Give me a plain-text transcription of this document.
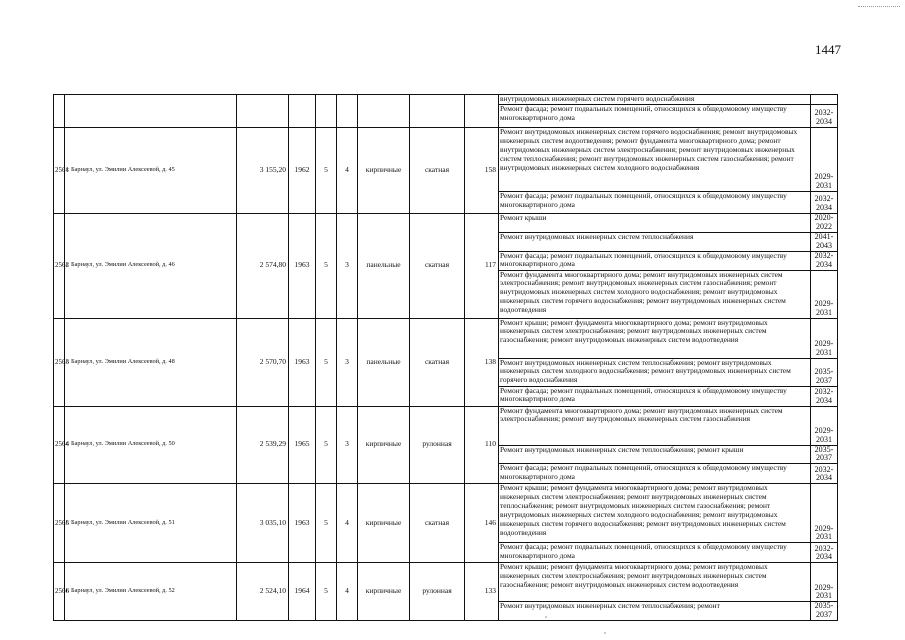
1447
									внутридомовых инженерных систем горячего водоснабжения	
									Ремонт фасада; ремонт подвальных помещений, относящихся к общедомовому имуществу многоквартирного дома	2032-2034
2561	г. Барнаул, ул. Эмилии Алексеевой, д. 45	3 155,20	1962	5	4	кирпичные	скатная	158	Ремонт внутридомовых инженерных систем горячего водоснабжения; ремонт внутридомовых инженерных систем водоотведения; ремонт фундамента многоквартирного дома; ремонт внутридомовых инженерных систем электроснабжения; ремонт внутридомовых инженерных систем теплоснабжения; ремонт внутридомовых инженерных систем газоснабжения; ремонт внутридомовых инженерных систем холодного водоснабжения	2029-2031
									Ремонт фасада; ремонт подвальных помещений, относящихся к общедомовому имуществу многоквартирного дома	2032-2034
2562	г. Барнаул, ул. Эмилии Алексеевой, д. 46	2 574,80	1963	5	3	панельные	скатная	117	Ремонт крыши	2020-2022
									Ремонт внутридомовых инженерных систем теплоснабжения	2041-2043
									Ремонт фасада; ремонт подвальных помещений, относящихся к общедомовому имуществу многоквартирного дома	2032-2034
									Ремонт фундамента многоквартирного дома; ремонт внутридомовых инженерных систем электроснабжения; ремонт внутридомовых инженерных систем газоснабжения; ремонт внутридомовых инженерных систем холодного водоснабжения; ремонт внутридомовых инженерных систем горячего водоснабжения; ремонт внутридомовых инженерных систем водоотведения	2029-2031
2563	г. Барнаул, ул. Эмилии Алексеевой, д. 48	2 570,70	1963	5	3	панельные	скатная	138	Ремонт крыши; ремонт фундамента многоквартирного дома; ремонт внутридомовых инженерных систем электроснабжения; ремонт внутридомовых инженерных систем газоснабжения; ремонт внутридомовых инженерных систем водоотведения	2029-2031
									Ремонт внутридомовых инженерных систем теплоснабжения; ремонт внутридомовых инженерных систем холодного водоснабжения; ремонт внутридомовых инженерных систем горячего водоснабжения	2035-2037
									Ремонт фасада; ремонт подвальных помещений, относящихся к общедомовому имуществу многоквартирного дома	2032-2034
2564	г. Барнаул, ул. Эмилии Алексеевой, д. 50	2 539,29	1965	5	3	кирпичные	рулонная	110	Ремонт фундамента многоквартирного дома; ремонт внутридомовых инженерных систем электроснабжения; ремонт внутридомовых инженерных систем газоснабжения	2029-2031
									Ремонт внутридомовых инженерных систем теплоснабжения; ремонт крыши	2035-2037
									Ремонт фасада; ремонт подвальных помещений, относящихся к общедомовому имуществу многоквартирного дома	2032-2034
2565	г. Барнаул, ул. Эмилии Алексеевой, д. 51	3 035,10	1963	5	4	кирпичные	скатная	146	Ремонт крыши; ремонт фундамента многоквартирного дома; ремонт внутридомовых инженерных систем электроснабжения; ремонт внутридомовых инженерных систем теплоснабжения; ремонт внутридомовых инженерных систем газоснабжения; ремонт внутридомовых инженерных систем холодного водоснабжения; ремонт внутридомовых инженерных систем горячего водоснабжения; ремонт внутридомовых инженерных систем водоотведения	2029-2031
									Ремонт фасада; ремонт подвальных помещений, относящихся к общедомовому имуществу многоквартирного дома	2032-2034
2566	г. Барнаул, ул. Эмилии Алексеевой, д. 52	2 524,10	1964	5	4	кирпичные	рулонная	133	Ремонт крыши; ремонт фундамента многоквартирного дома; ремонт внутридомовых инженерных систем электроснабжения; ремонт внутридомовых инженерных систем газоснабжения; ремонт внутридомовых инженерных систем водоотведения	2029-2031
									Ремонт внутридомовых инженерных систем теплоснабжения; ремонт	2035-2037
